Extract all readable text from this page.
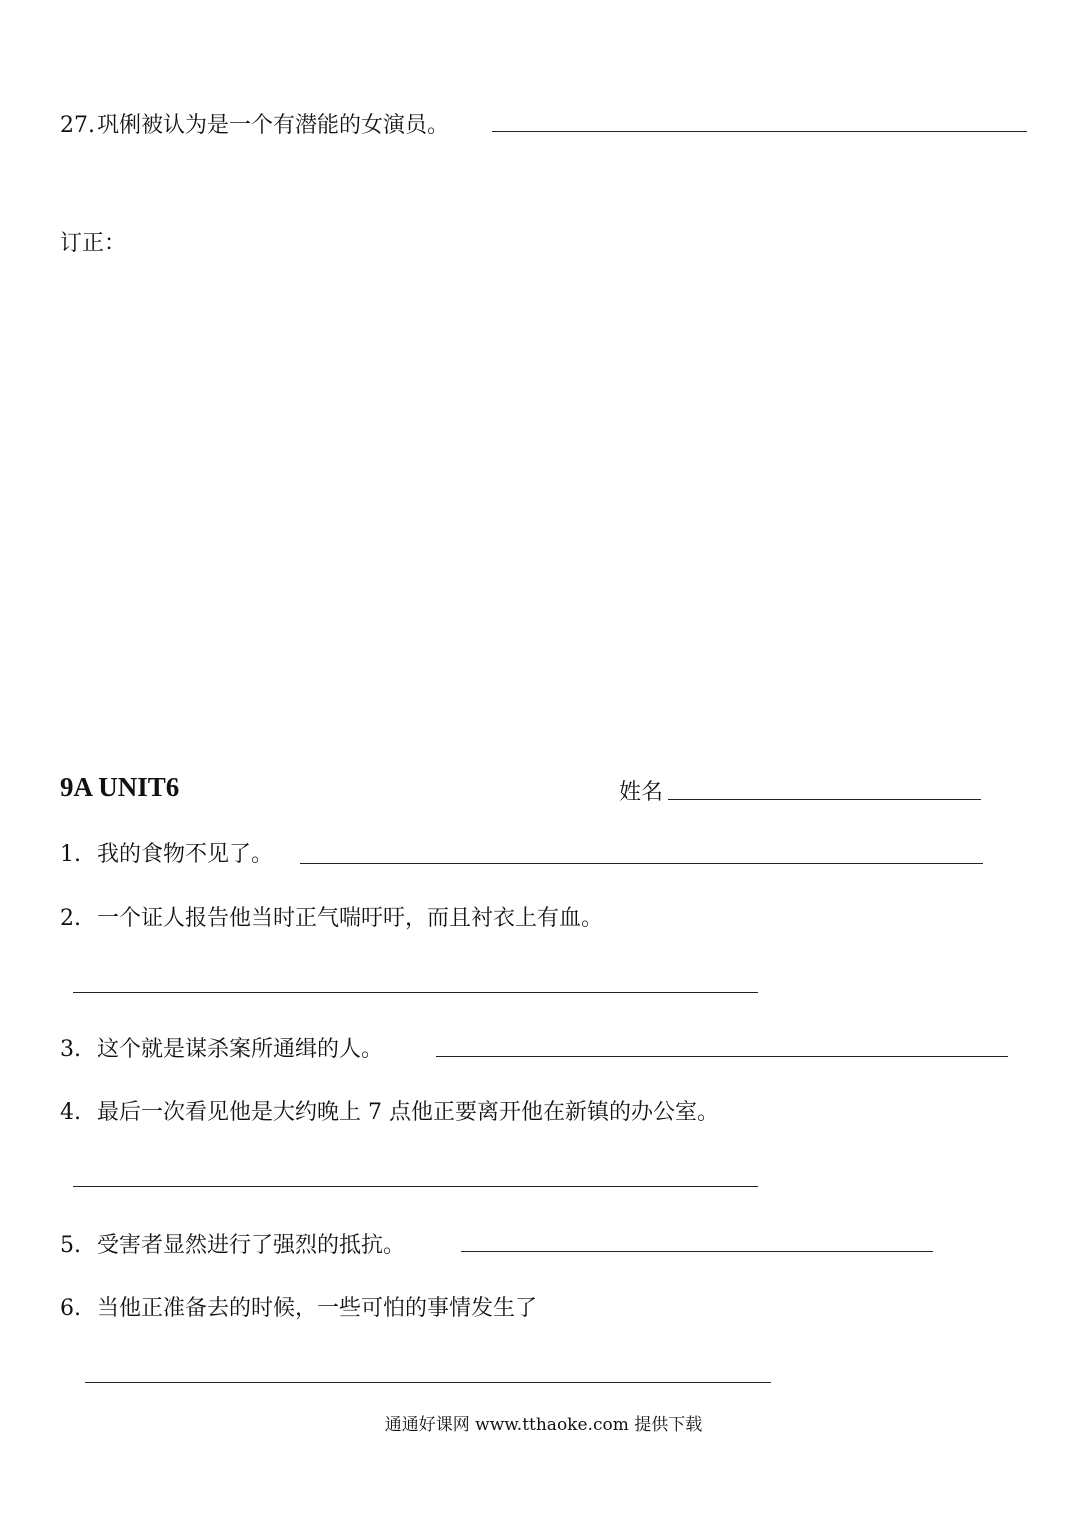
27. 巩俐被认为是一个有潜能的女演员。
订正：
9A UNIT6	姓名
1. 我的食物不见了。
2. 一个证人报告他当时正气喘吁吁，而且衬衣上有血。
3. 这个就是谋杀案所通缉的人。
4. 最后一次看见他是大约晚上 7 点他正要离开他在新镇的办公室。
5. 受害者显然进行了强烈的抵抗。
6. 当他正准备去的时候，一些可怕的事情发生了
通通好课网 www.tthaoke.com 提供下载
